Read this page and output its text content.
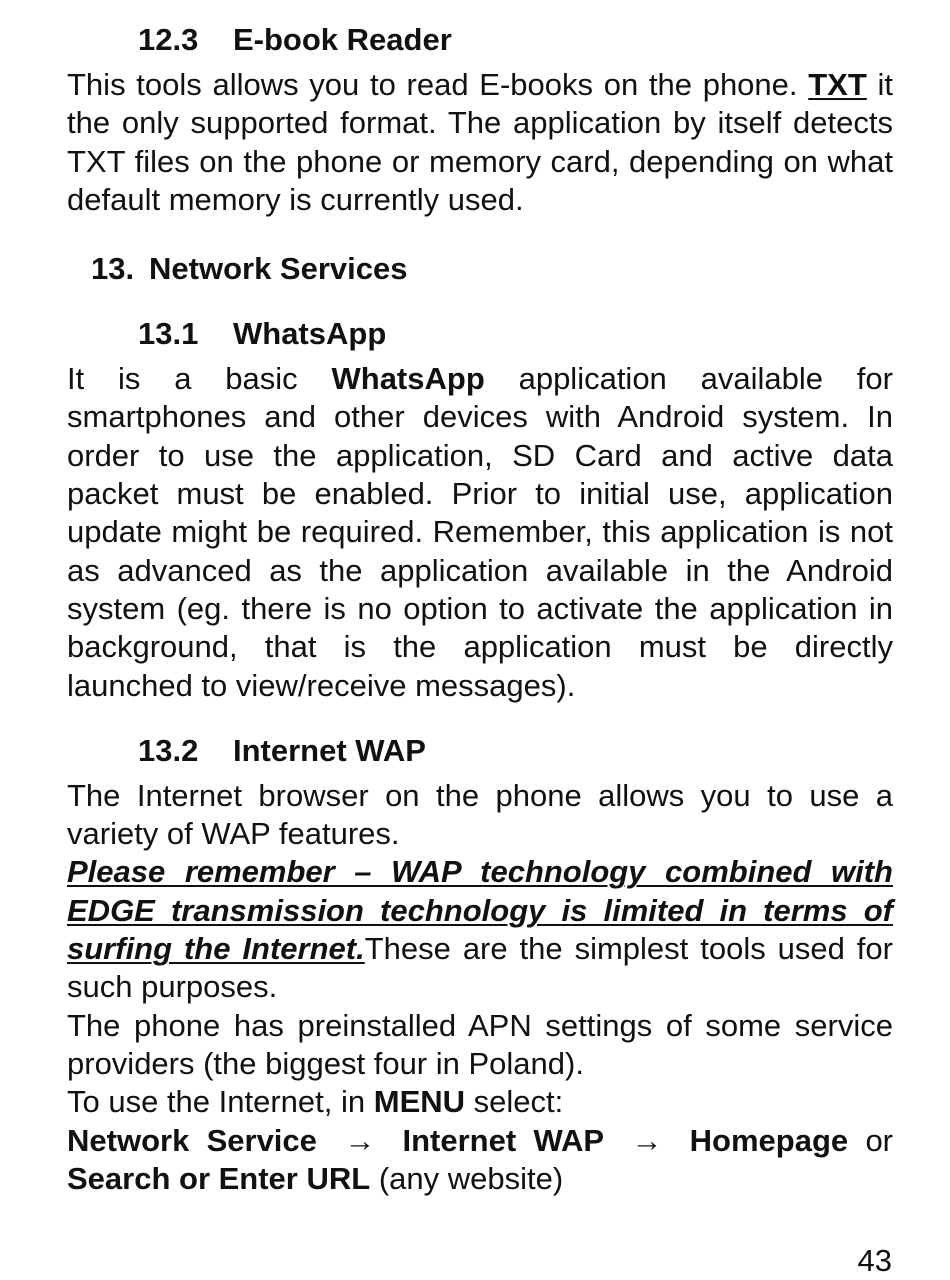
12.3 E-book Reader

This tools allows you to read E-books on the phone. TXT it the only supported format. The application by itself detects TXT files on the phone or memory card, depending on what default memory is currently used.

13. Network Services
13.1 WhatsApp

It is a basic WhatsApp application available for smartphones and other devices with Android system. In order to use the application, SD Card and active data packet must be enabled. Prior to initial use, application update might be required. Remember, this application is not as advanced as the application available in the Android system (eg. there is no option to activate the application in background, that is the application must be directly launched to view/receive messages).

13.2 Internet WAP

The Internet browser on the phone allows you to use a variety of WAP features.

Please remember – WAP technology combined with EDGE transmission technology is limited in terms of surfing the Internet.These are the simplest tools used for such purposes.

The phone has preinstalled APN settings of some service providers (the biggest four in Poland).

To use the Internet, in MENU select:

Network Service → Internet WAP → Homepage or Search or Enter URL (any website)

43
